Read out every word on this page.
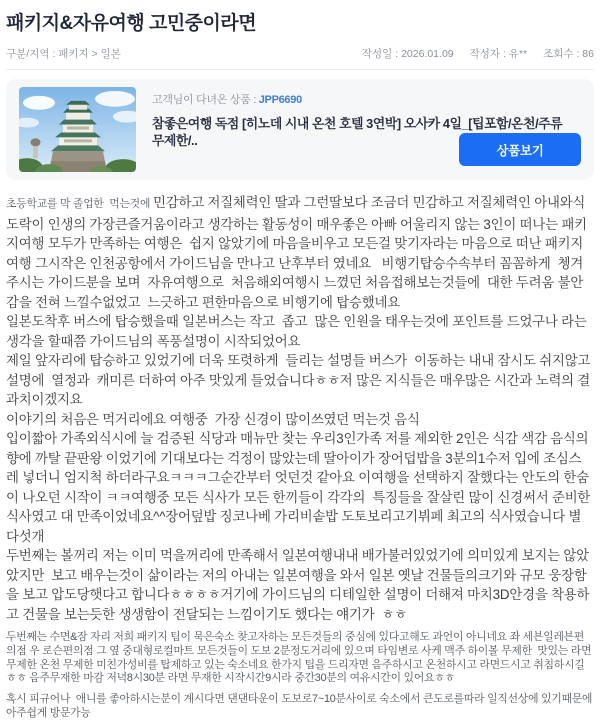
패키지&자유여행 고민중이라면
구분/지역 : 패키지 > 일본	작성일 : 2026.01.09 작성자 : 유** 조회수 : 86
고객님이 다녀온 상품 : JPP6690
참좋은여행 독점 [히노데 시내 온천 호텔 3연박] 오사카 4일_[팁포함/온천/주류 무제한/..
상품보기

초등학교를 막 졸업한  먹는것에 민감하고 저질체력인 딸과 그런딸보다 조금더 민감하고 저질체력인 아내와식도락이 인생의 가장큰즐거움이라고 생각하는 활동성이 매우좋은 아빠 어울리지 않는 3인이 떠나는 패키지여행 모두가 만족하는 여행은  쉽지 않았기에 마음을비우고 모든걸 맞기자라는 마음으로 떠난 패키지여행 그시작은 인천공항에서 가이드님을 만나고 난후부터 였네요   비행기탑승수속부터 꼼꼼하게  쳉겨주시는 가이드분을 보며  자유여행으로  처음해외여행시 느꼈던 처음접해보는것들에  대한 두려움 불안감을 전혀 느낄수없었고  느긋하고 편한마음으로 비행기에 탑승했네요

일본도착후 버스에 탑승했을때 일본버스는 작고  좁고  많은 인원을 태우는것에 포인트를 드었구나 라는 생각을 할때쯤 가이드님의 폭풍설명이 시작되었어요

제일 앞자리에 탑승하고 있었기에 더욱 또렷하게  들리는 설명들 버스가  이동하는 내내 잠시도 쉬지않고 설명에  열정과  캐미른 더하여 아주 맛있게 들었습니다ㅎㅎ저 많은 지식들은 매우많은 시간과 노력의 결과치이겠지요

이야기의 처음은 먹거리에요 여행중  가장 신경이 많이쓰였던 먹는것 음식

입이짧아 가족외식시에 늘 검증된 식당과 매뉴만 찾는 우리3인가족 저를 제외한 2인은 식감 색감 음식의 향에 까탈 끝판왕 이었기에 기대보다는 걱정이 많았는데 딸아이가 장어덥밥을 3분의1수저 입에 조심스레 넣더니 엄지척 하더라구요ㅋㅋㅋ그순간부터 엇던것 같아요 이여행을 선택하지 잘했다는 안도의 한숨이 나오던 시작이 ㅋㅋ여행중 모든 식사가 모든 한끼들이 각각의  특징들을 잘살린 많이 신경써서 준비한 식사였고 대 만족이었네요^^장어덮밥 징코나베 가리비솥밥 도토보리고기뷔페 최고의 식사였습니다 별 다섯개

두번째는 볼꺼리 저는 이미 먹을꺼리에 만족해서 일본여행내내 배가불러있었기에 의미있게 보지는 않았았지만  보고 배우는것이 삶이라는 저의 아내는 일본여행을 와서 일본 옛날 건물들의크기와 규모 웅장함을 보고 압도당햇다고 합니다ㅎㅎㅎㅎ거기에 가이드님의 디테일한 설명이 더해져 마치3D안경을 착용하고 건물을 보는듯한 생생함이 전달되는 느낌이기도 했다는 얘기가  ㅎㅎ

두번째는 수면&잠 자리 저희 패키지 팀이 묵은숙소 찾고자하는 모든것들의 중심에 있다고해도 과언이 아니네요 좌 세븐일레븐편의점 우 로슨편의점 그 옆 중대형로컬마트 모든것들이 도보 2분정도거리에 있으며 타임변로 사케 맥주 하이볼 무제한  맛있는 라면 무제한 온천 무제한 미친가성비를 탑제하고 있는 숙소네요 한가지 팁을 드리자면 음주하시고 온천하시고 라면드시고 취침하시길ㅎㅎ 음주무재한 마감 저녁8시30분 라면 무재한 시작시간9시라 중간30분의 여유시간이 있어요ㅎㅎ

혹시 피규어나  애니를 좋아하시는분이 계시다면 댄댄타운이 도보로7~10분사이로 숙소에서 큰도로를따라 일직선상에 있기때문에 아주쉽게 방문가능
